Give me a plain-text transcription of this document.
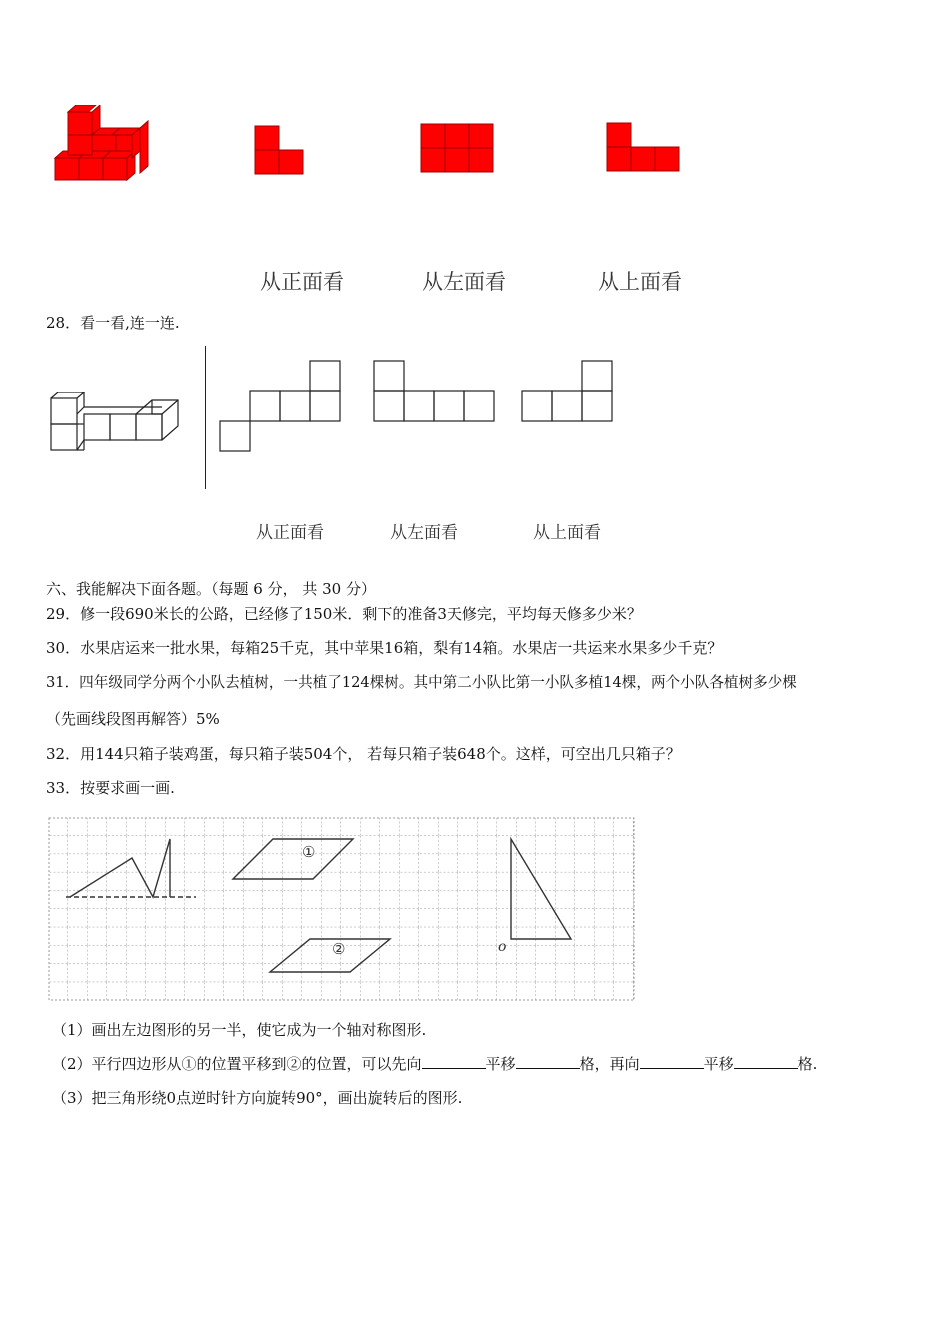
从正面看	从左面看	从上面看
28．看一看,连一连.
从正面看	从左面看	从上面看
六、我能解决下面各题。（每题 6 分， 共 30 分）
29．修一段690米长的公路，已经修了150米．剩下的准备3天修完，平均每天修多少米？
30．水果店运来一批水果，每箱25千克，其中苹果16箱，梨有14箱。水果店一共运来水果多少千克？
31．四年级同学分两个小队去植树，一共植了124棵树。其中第二小队比第一小队多植14棵，两个小队各植树多少棵
（先画线段图再解答）5%
32．用144只箱子装鸡蛋，每只箱子装504个， 若每只箱子装648个。这样，可空出几只箱子？
33．按要求画一画.
①
②	o
（1）画出左边图形的另一半，使它成为一个轴对称图形.
（2）平行四边形从①的位置平移到②的位置，可以先向	平移	格，再向	平移	格.
（3）把三角形绕0点逆时针方向旋转90°，画出旋转后的图形.
